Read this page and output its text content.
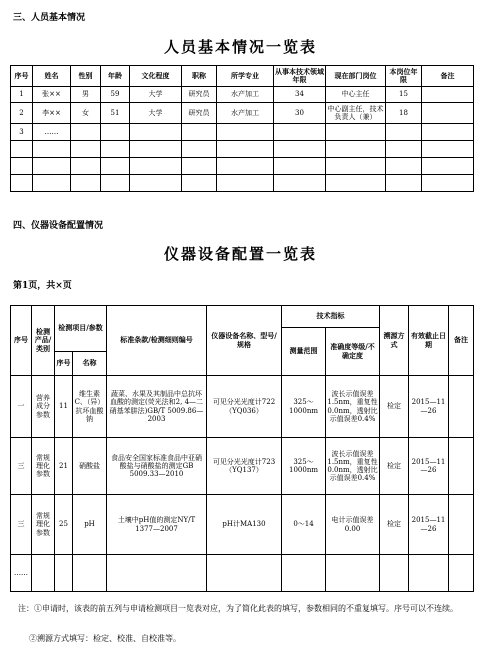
三、人员基本情况
人员基本情况一览表
序号	姓名	性别	年龄	文化程度	职称	所学专业	从事本技术领域年限	现在部门岗位	本岗位年限	备注
1	张××	男	59	大学	研究员	水产加工	34	中心主任	15	
2	李××	女	51	大学	研究员	水产加工	30	中心副主任，技术负责人（兼）	18	
3	……									

四、仪器设备配置情况
仪器设备配置一览表
第1页，共×页
序号	检测产品/类别	检测项目/参数		标准条款/检测细则编号	仪器设备名称、型号/规格	技术指标		溯源方式	有效截止日期	备注
						测量范围	准确度等级/不确定度			
		序号	名称							
一	营养成分参数	11	维生素C、（异）抗坏血酸钠	蔬菜、水果及其制品中总抗坏血酸的测定(荧光法和2, 4—二硝基苯肼法)GB/T 5009.86—2003	可见分光光度计722（YQ036）	325～1000nm	波长示值误差1.5nm，重复性0.0nm，透射比示值误差0.4%	检定	2015—11—26	
三	常规理化参数	21	硝酸盐	食品安全国家标准食品中亚硝酸盐与硝酸盐的测定GB 5009.33—2010	可见分光光度计723（YQ137）	325～1000nm	波长示值误差1.5nm，重复性0.0nm，透射比示值误差0.4%	检定	2015—11—26	
三	常规理化参数	25	pH	土壤中pH值的测定NY/T 1377—2007	pH计MA130	0～14	电计示值误差0.00	检定	2015—11—26	
……										
注：①申请时，该表的前五列与申请检测项目一览表对应，为了简化此表的填写，参数相同的不重复填写。序号可以不连续。
②溯源方式填写：检定、校准、自校准等。
